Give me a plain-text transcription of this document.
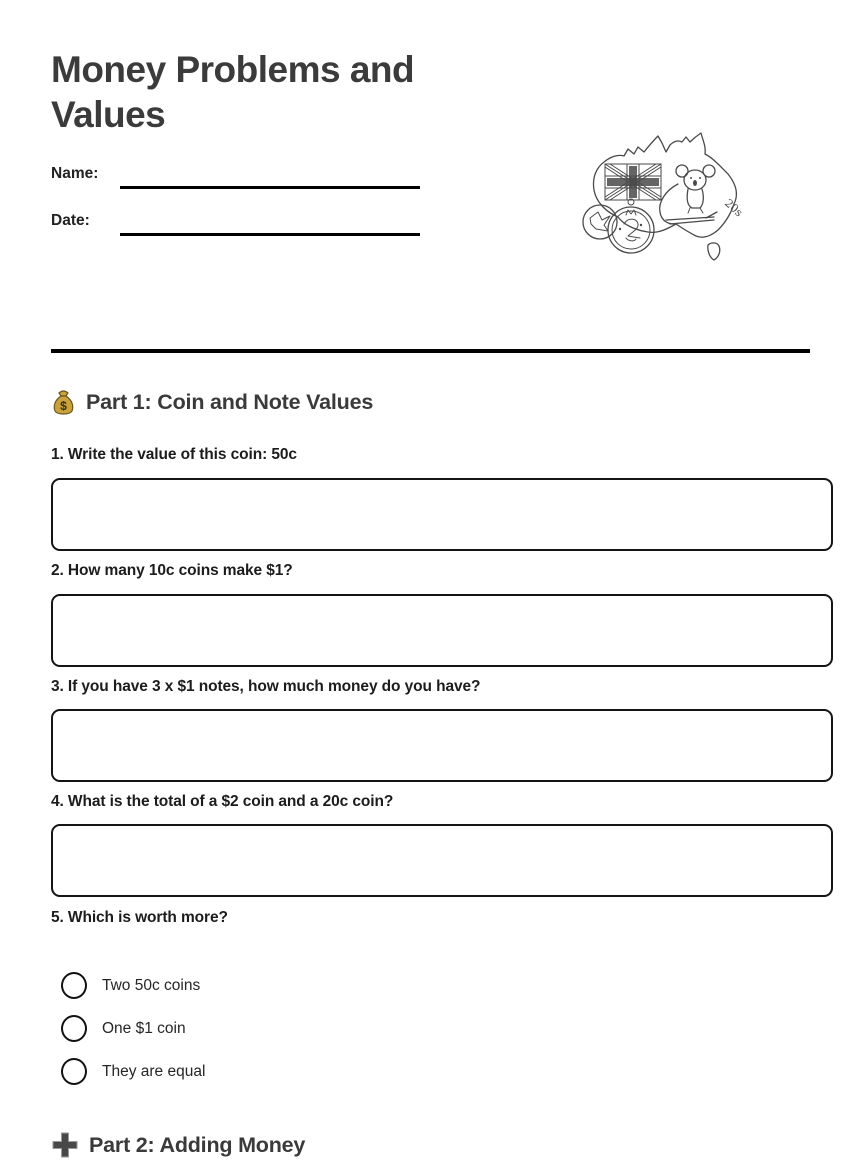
Money Problems and Values
Name:
Date:
20s
$ Part 1: Coin and Note Values
1. Write the value of this coin: 50c
2. How many 10c coins make $1?
3. If you have 3 x $1 notes, how much money do you have?
4. What is the total of a $2 coin and a 20c coin?
5. Which is worth more?
Two 50c coins
One $1 coin
They are equal
Part 2: Adding Money
